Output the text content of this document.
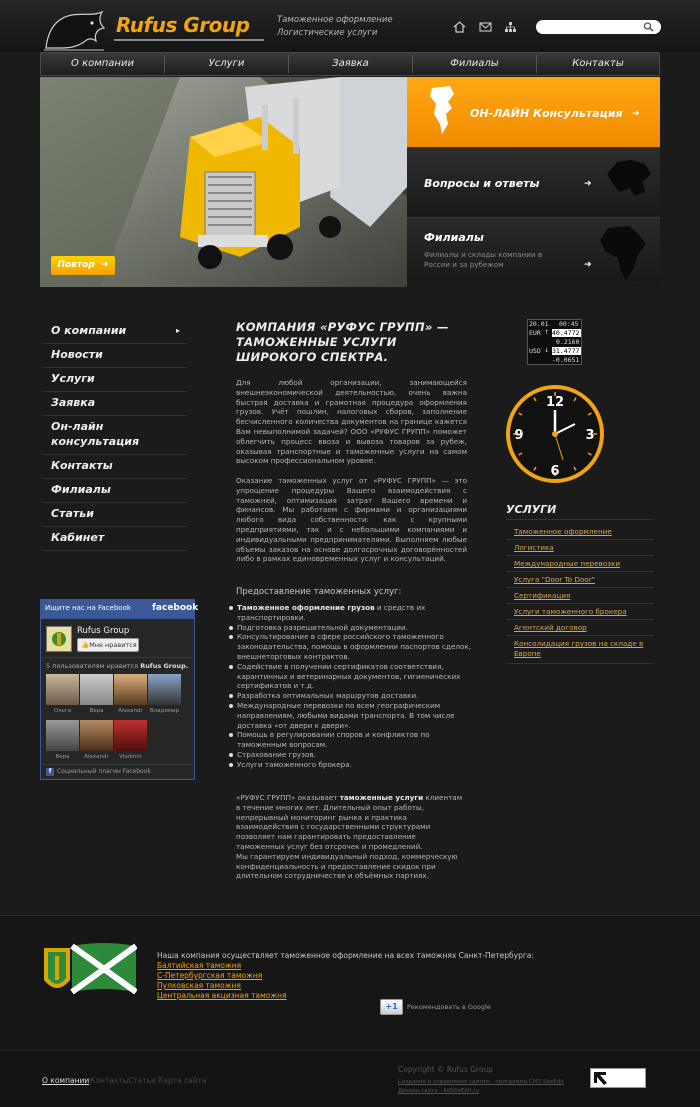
Rufus Group	Таможенное оформление
Логистические услуги
О компании	Услуги	Заявка	Филиалы	Контакты
Повтор  ➜
ОН-ЛАЙН Консультация ➜
Вопросы и ответы	➜
Филиалы
Филиалы и склады компании в России и за рубежом	➜
О компании	▸
Новости
Услуги
Заявка
Он-лайн консультация
Контакты
Филиалы
Статьи
Кабинет
КОМПАНИЯ «РУФУС ГРУПП» — ТАМОЖЕННЫЕ УСЛУГИ ШИРОКОГО СПЕКТРА.
Для любой организации, занимающейся внешнеэкономической деятельностью, очень важна быстрая доставка и грамотная процедура оформления грузов. Учёт пошлин, налоговых сборов, заполнение бесчисленного количества документов на границе кажется Вам невыполнимой задачей? ООО «РУФУС ГРУПП» поможет облегчить процесс ввоза и вывоза товаров за рубеж, оказывая транспортные и таможенные услуги на самом высоком профессиональном уровне.
Оказание таможенных услуг от «РУФУС ГРУПП» — это упрощение процедуры Вашего взаимодействия с таможней, оптимизация затрат Вашего времени и финансов. Мы работаем с фирмами и организациями любого вида собственности: как с крупными предприятиями, так и с небольшими компаниями и индивидуальными предпринимателями. Выполняем любые объемы заказов на основе долгосрочных договорённостей либо в рамках единовременных услуг и консультаций.
Предоставление таможенных услуг:
Таможенное оформление грузов и средств их транспортировки.
Подготовка разрешительной документации.
Консультирование в сфере российского таможенного законодательства, помощь в оформлении паспортов сделок, внешнеторговых контрактов.
Содействие в получении сертификатов соответствия, карантинных и ветеринарных документов, гигиенических сертификатов и т.д.
Разработка оптимальных маршрутов доставки.
Международные перевозки по всем географическим направлениям, любыми видами транспорта. В том числе доставка «от двери к двери».
Помощь в регулировании споров и конфликтов по таможенным вопросам.
Страхование грузов.
Услуги таможенного брокера.
«РУФУС ГРУПП» оказывает таможенные услуги клиентам в течение многих лет. Длительный опыт работы, непрерывный мониторинг рынка и практика взаимодействия с государственными структурами позволяет нам гарантировать предоставление таможенных услуг без отсрочек и промедлений.
Мы гарантируем индивидуальный подход, коммерческую конфиденциальность и предоставление скидок при длительном сотрудничестве и объёмных партиях.
Ищите нас на Facebook facebook
Rufus Group
👍Мне нравится
5 пользователям нравится Rufus Group.
Ольга	Вера	Alexandr	Владимир
Вера	Alexandr	Vladimir
f Социальный плагин Facebook
20.01 00:45
EUR ↑ 40.4772
0.2160
USD ↓ 31.4777
-0.0651
12
3
6
9
УСЛУГИ
Таможенное оформление
Логистика
Международные перевозки
Услуга "Door To Door"
Сертификация
Услуги таможенного брокера
Агентский договор
Консолидация грузов на складе в Европе
Наша компания осуществляет таможенное оформление на всех таможнях Санкт-Петербурга:
Балтийская таможня
С-Петербургская таможня
Пулковская таможня
Центральная акцизная таможня
+1	Рекомендовать в Google
О компании Контакты Статьи Карта сайта
Copyright © Rufus Group
Создание и управление сайтом - программа CMS SiteEdit
Дизайн сайта - AdSiteEdit.ru
